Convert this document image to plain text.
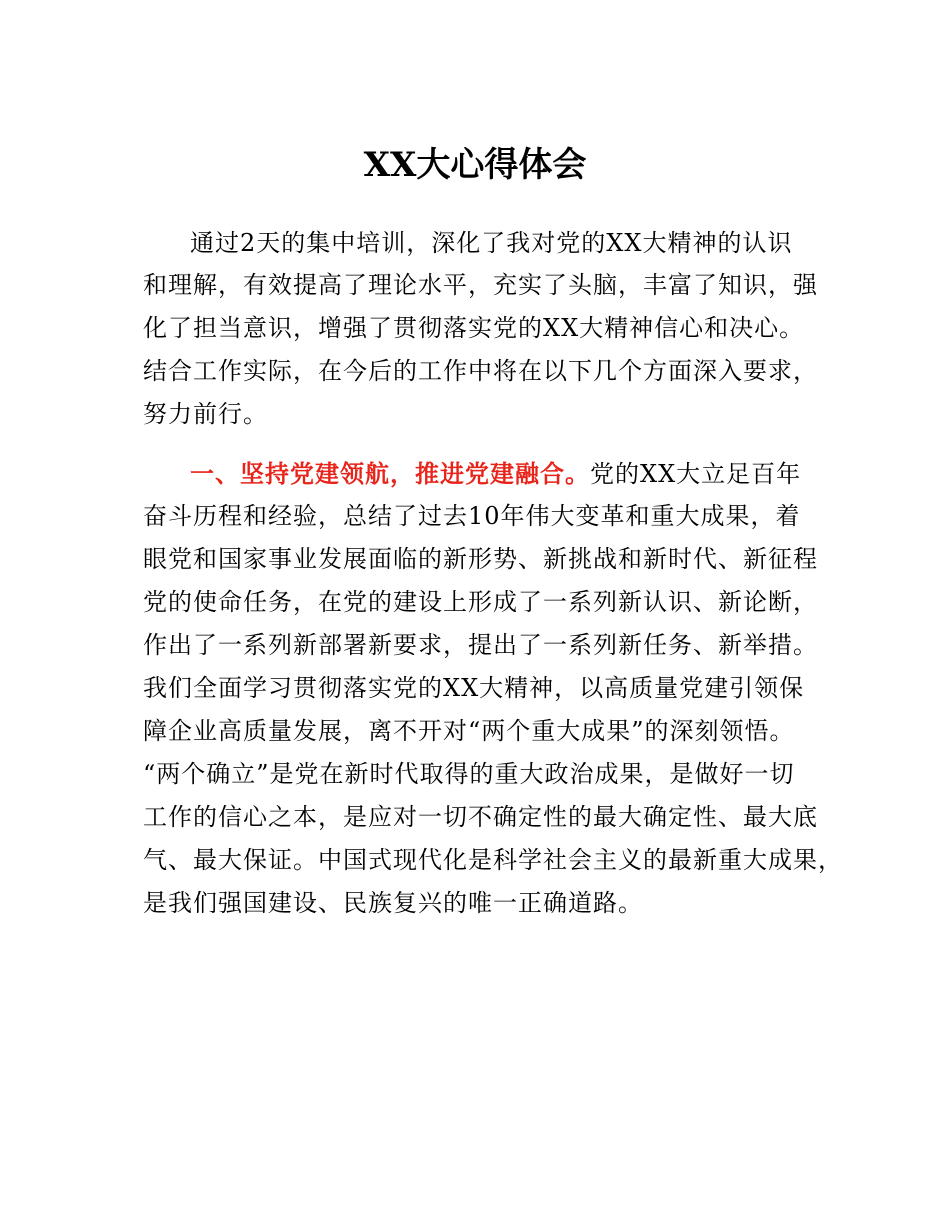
XX大心得体会
通过2天的集中培训，深化了我对党的XX大精神的认识
和理解，有效提高了理论水平，充实了头脑，丰富了知识，强
化了担当意识，增强了贯彻落实党的XX大精神信心和决心。
结合工作实际，在今后的工作中将在以下几个方面深入要求，
努力前行。
一、坚持党建领航，推进党建融合。党的XX大立足百年
奋斗历程和经验，总结了过去10年伟大变革和重大成果，着
眼党和国家事业发展面临的新形势、新挑战和新时代、新征程
党的使命任务，在党的建设上形成了一系列新认识、新论断，
作出了一系列新部署新要求，提出了一系列新任务、新举措。
我们全面学习贯彻落实党的XX大精神，以高质量党建引领保
障企业高质量发展，离不开对“两个重大成果”的深刻领悟。
“两个确立”是党在新时代取得的重大政治成果，是做好一切
工作的信心之本，是应对一切不确定性的最大确定性、最大底
气、最大保证。中国式现代化是科学社会主义的最新重大成果，
是我们强国建设、民族复兴的唯一正确道路。
